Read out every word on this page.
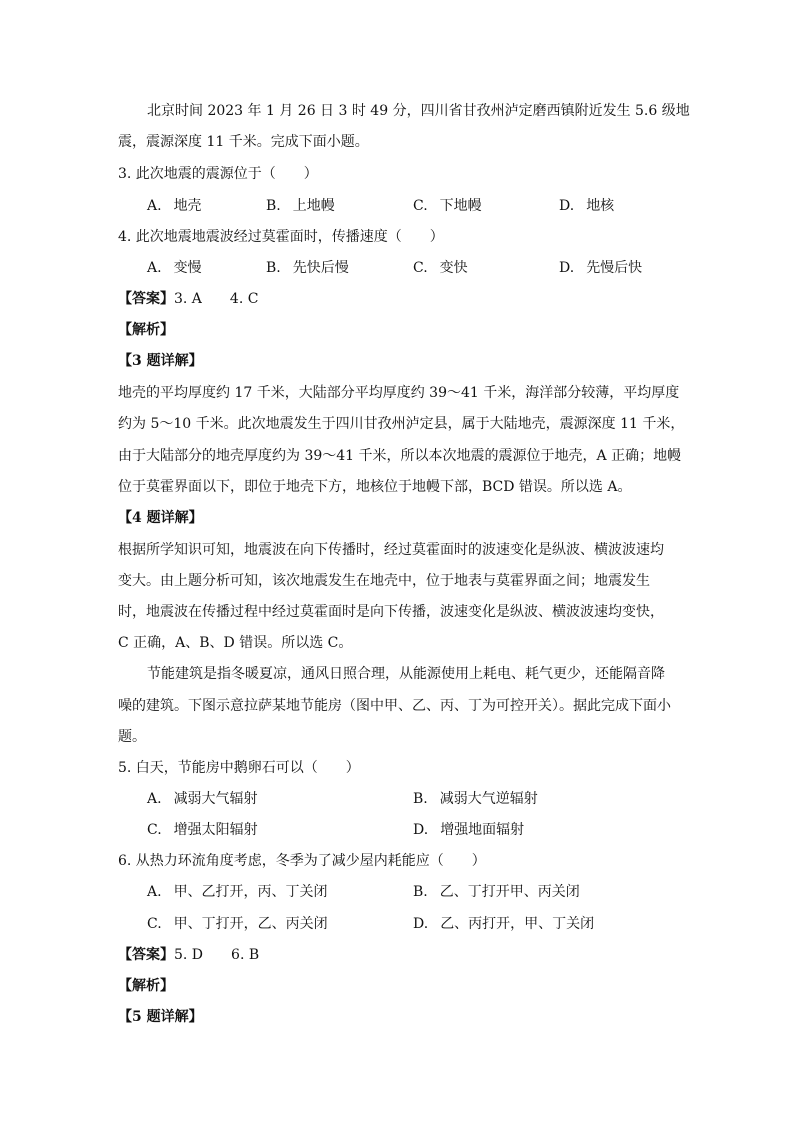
北京时间 2023 年 1 月 26 日 3 时 49 分，四川省甘孜州泸定磨西镇附近发生 5.6 级地
震，震源深度 11 千米。完成下面小题。
3. 此次地震的震源位于（　　）
A. 地壳	B. 上地幔	C. 下地幔	D. 地核
4. 此次地震地震波经过莫霍面时，传播速度（　　）
A. 变慢	B. 先快后慢	C. 变快	D. 先慢后快
【答案】3. A 4. C
【解析】
【3 题详解】
地壳的平均厚度约 17 千米，大陆部分平均厚度约 39～41 千米，海洋部分较薄，平均厚度
约为 5～10 千米。此次地震发生于四川甘孜州泸定县，属于大陆地壳，震源深度 11 千米，
由于大陆部分的地壳厚度约为 39～41 千米，所以本次地震的震源位于地壳，A 正确；地幔
位于莫霍界面以下，即位于地壳下方，地核位于地幔下部，BCD 错误。所以选 A。
【4 题详解】
根据所学知识可知，地震波在向下传播时，经过莫霍面时的波速变化是纵波、横波波速均
变大。由上题分析可知，该次地震发生在地壳中，位于地表与莫霍界面之间；地震发生
时，地震波在传播过程中经过莫霍面时是向下传播，波速变化是纵波、横波波速均变快，
C 正确，A、B、D 错误。所以选 C。
节能建筑是指冬暖夏凉，通风日照合理，从能源使用上耗电、耗气更少，还能隔音降
噪的建筑。下图示意拉萨某地节能房（图中甲、乙、丙、丁为可控开关）。据此完成下面小
题。
5. 白天，节能房中鹅卵石可以（　　）
A. 减弱大气辐射	B. 减弱大气逆辐射
C. 增强太阳辐射	D. 增强地面辐射
6. 从热力环流角度考虑，冬季为了减少屋内耗能应（　　）
A. 甲、乙打开，丙、丁关闭	B. 乙、丁打开甲、丙关闭
C. 甲、丁打开，乙、丙关闭	D. 乙、丙打开，甲、丁关闭
【答案】5. D 6. B
【解析】
【5 题详解】
